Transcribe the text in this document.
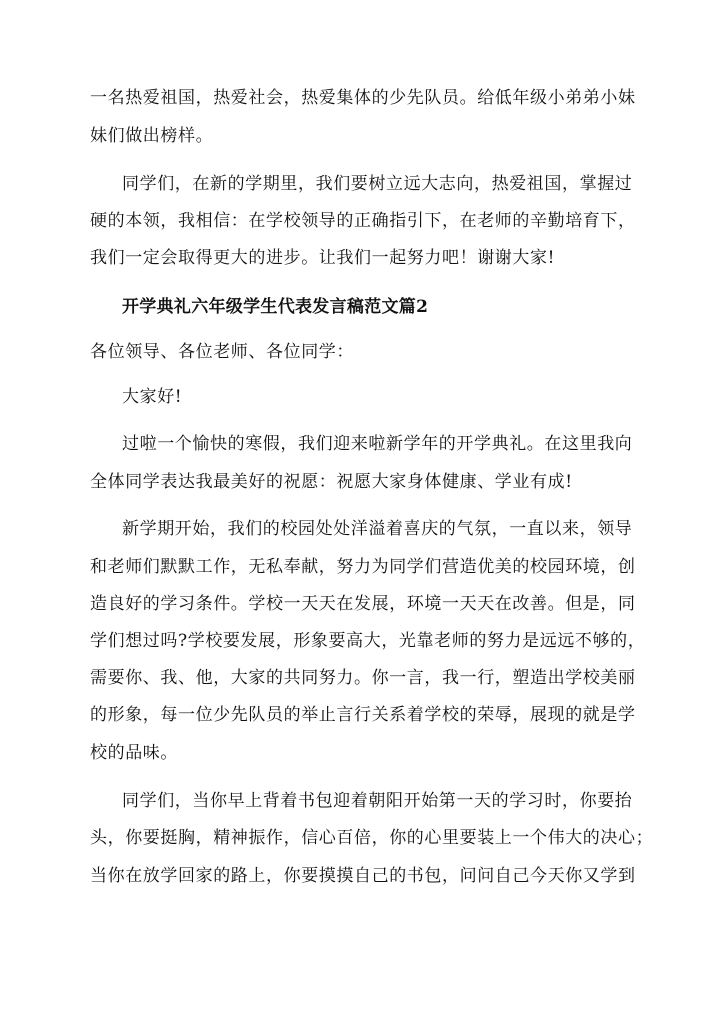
一名热爱祖国，热爱社会，热爱集体的少先队员。给低年级小弟弟小妹
妹们做出榜样。
同学们，在新的学期里，我们要树立远大志向，热爱祖国，掌握过
硬的本领，我相信：在学校领导的正确指引下，在老师的辛勤培育下，
我们一定会取得更大的进步。让我们一起努力吧！谢谢大家!
开学典礼六年级学生代表发言稿范文篇2
各位领导、各位老师、各位同学：
大家好!
过啦一个愉快的寒假，我们迎来啦新学年的开学典礼。在这里我向
全体同学表达我最美好的祝愿：祝愿大家身体健康、学业有成!
新学期开始，我们的校园处处洋溢着喜庆的气氛，一直以来，领导
和老师们默默工作，无私奉献，努力为同学们营造优美的校园环境，创
造良好的学习条件。学校一天天在发展，环境一天天在改善。但是，同
学们想过吗?学校要发展，形象要高大，光靠老师的努力是远远不够的，
需要你、我、他，大家的共同努力。你一言，我一行，塑造出学校美丽
的形象，每一位少先队员的举止言行关系着学校的荣辱，展现的就是学
校的品味。
同学们，当你早上背着书包迎着朝阳开始第一天的学习时，你要抬
头，你要挺胸，精神振作，信心百倍，你的心里要装上一个伟大的决心；
当你在放学回家的路上，你要摸摸自己的书包，问问自己今天你又学到
